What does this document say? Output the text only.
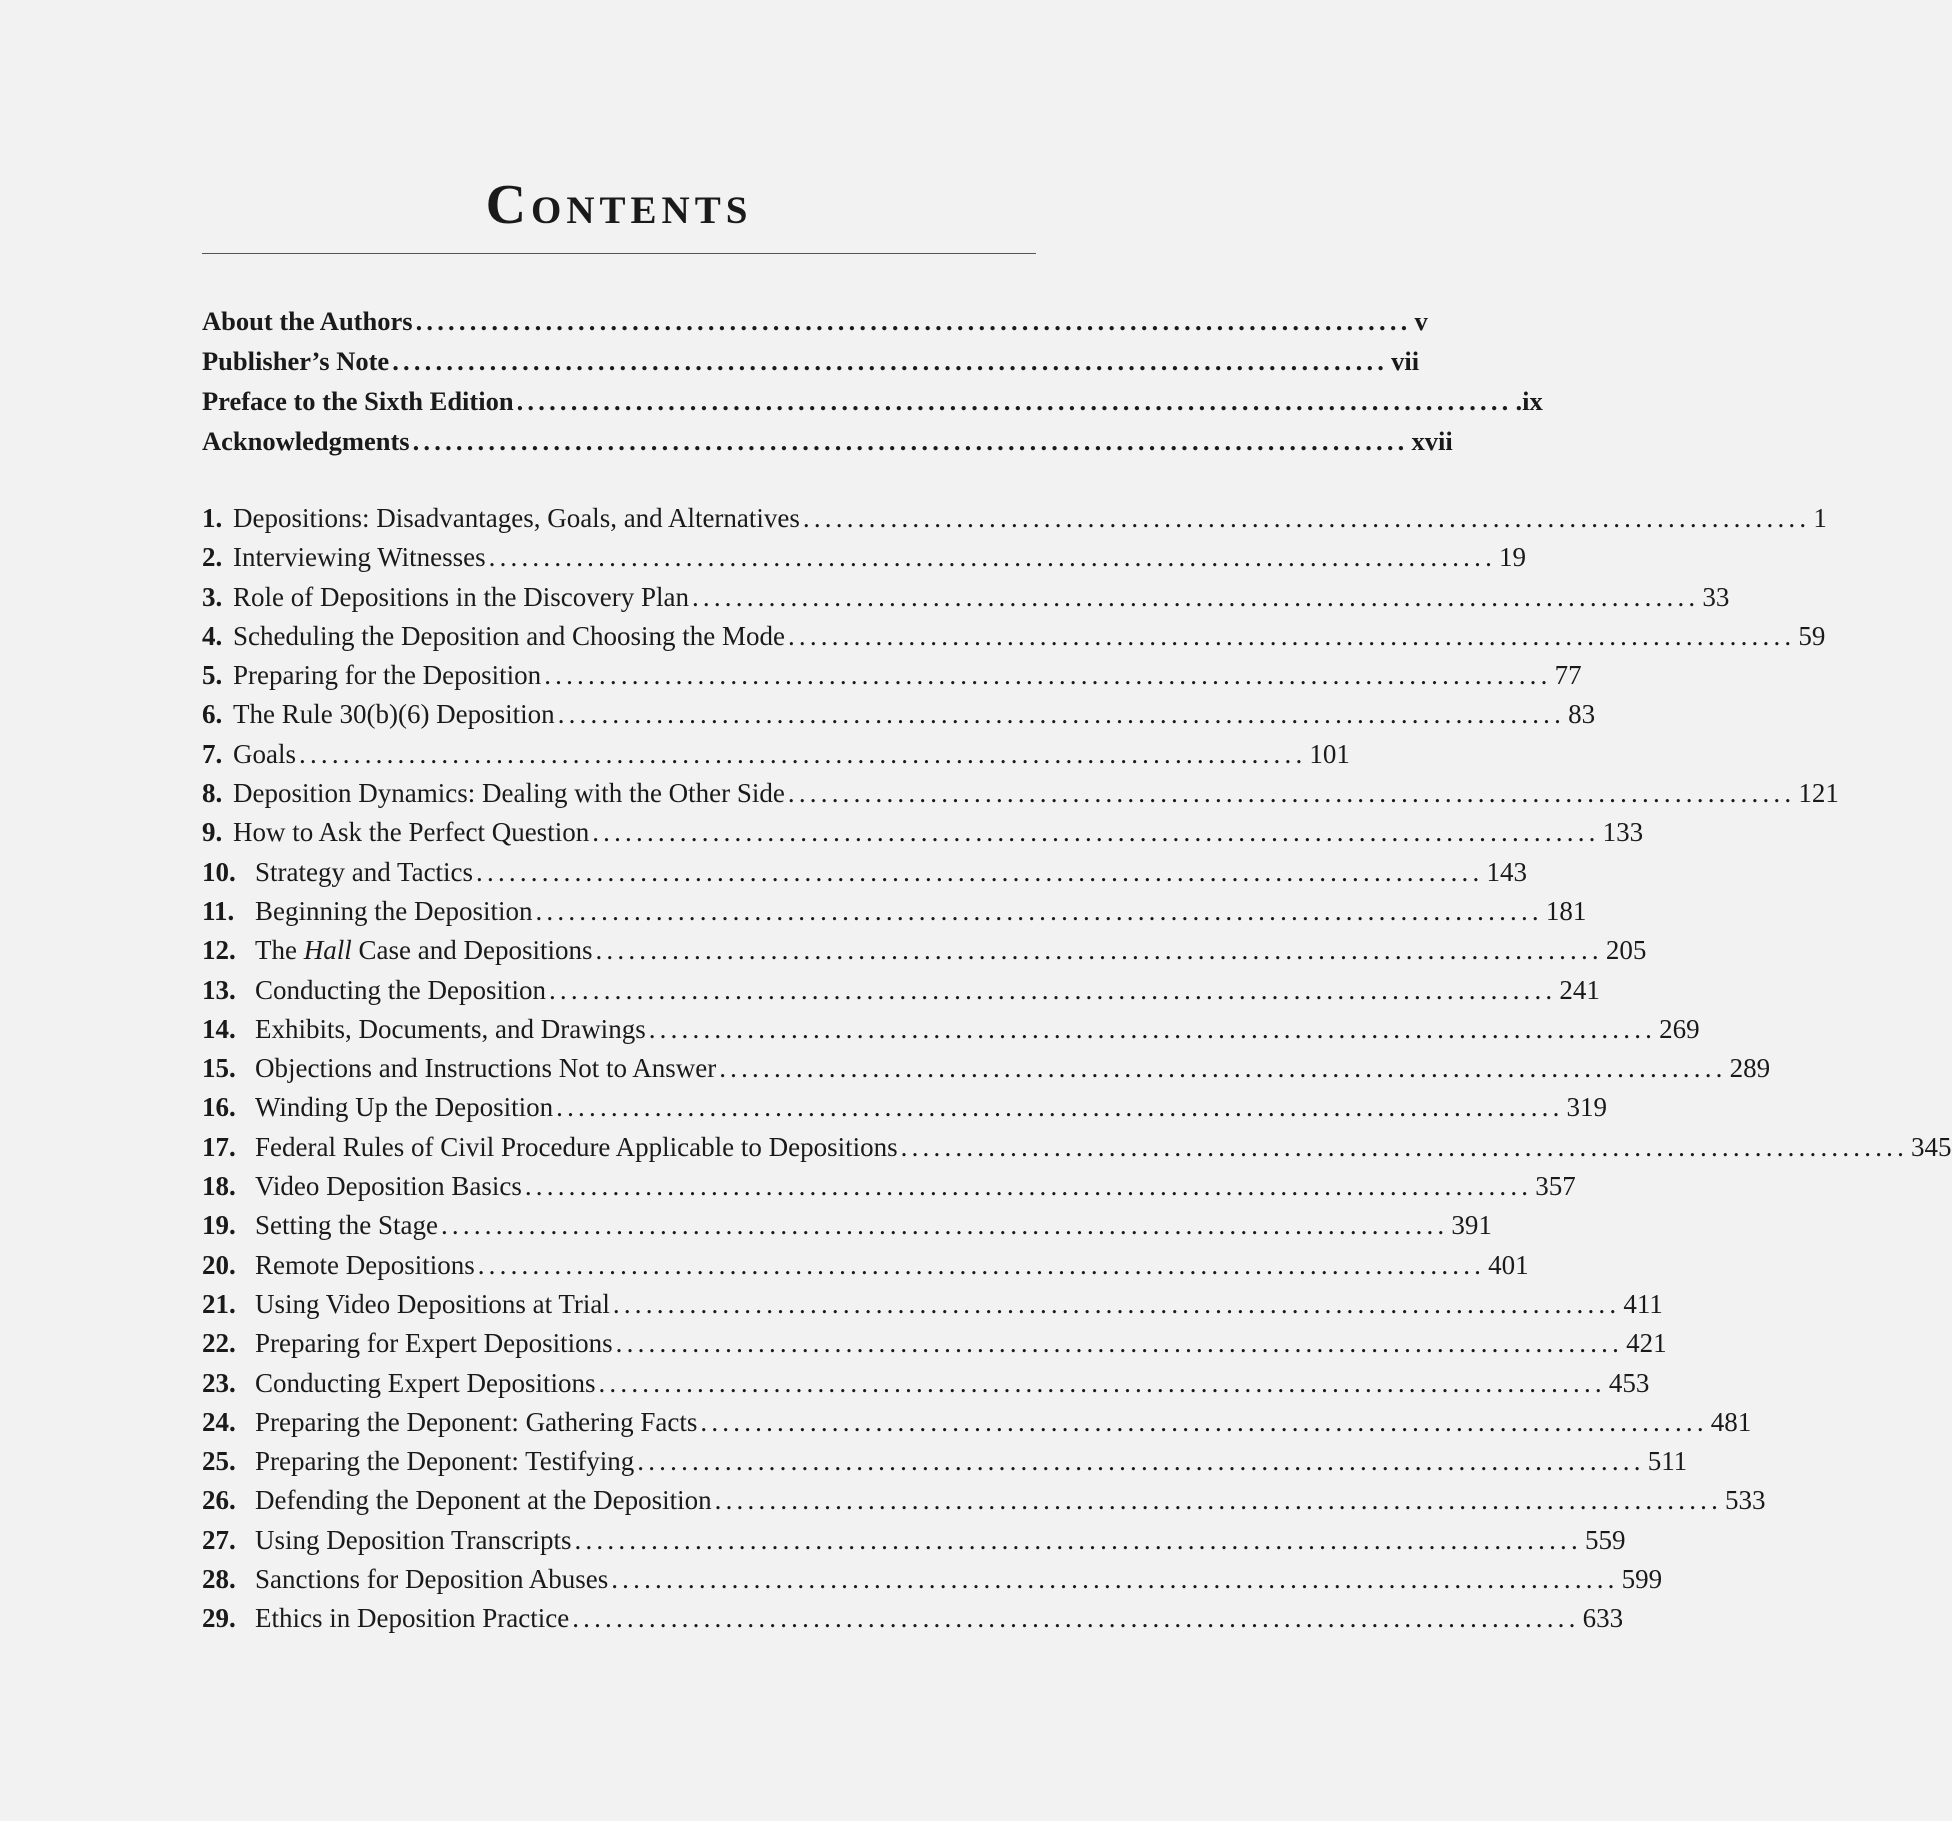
Contents
About the Authors ............................................................................................ v
Publisher’s Note ............................................................................................ vii
Preface to the Sixth Edition ............................................................................................ .ix
Acknowledgments ............................................................................................ xvii
1. Depositions: Disadvantages, Goals, and Alternatives ............................................................................................ 1
2. Interviewing Witnesses ............................................................................................ 19
3. Role of Depositions in the Discovery Plan ............................................................................................ 33
4. Scheduling the Deposition and Choosing the Mode ............................................................................................ 59
5. Preparing for the Deposition ............................................................................................ 77
6. The Rule 30(b)(6) Deposition ............................................................................................ 83
7. Goals ............................................................................................ 101
8. Deposition Dynamics: Dealing with the Other Side ............................................................................................ 121
9. How to Ask the Perfect Question ............................................................................................ 133
10. Strategy and Tactics ............................................................................................ 143
11. Beginning the Deposition ............................................................................................ 181
12. The Hall Case and Depositions ............................................................................................ 205
13. Conducting the Deposition ............................................................................................ 241
14. Exhibits, Documents, and Drawings ............................................................................................ 269
15. Objections and Instructions Not to Answer ............................................................................................ 289
16. Winding Up the Deposition ............................................................................................ 319
17. Federal Rules of Civil Procedure Applicable to Depositions ............................................................................................ 345
18. Video Deposition Basics ............................................................................................ 357
19. Setting the Stage ............................................................................................ 391
20. Remote Depositions ............................................................................................ 401
21. Using Video Depositions at Trial ............................................................................................ 411
22. Preparing for Expert Depositions ............................................................................................ 421
23. Conducting Expert Depositions ............................................................................................ 453
24. Preparing the Deponent: Gathering Facts ............................................................................................ 481
25. Preparing the Deponent: Testifying ............................................................................................ 511
26. Defending the Deponent at the Deposition ............................................................................................ 533
27. Using Deposition Transcripts ............................................................................................ 559
28. Sanctions for Deposition Abuses ............................................................................................ 599
29. Ethics in Deposition Practice ............................................................................................ 633
